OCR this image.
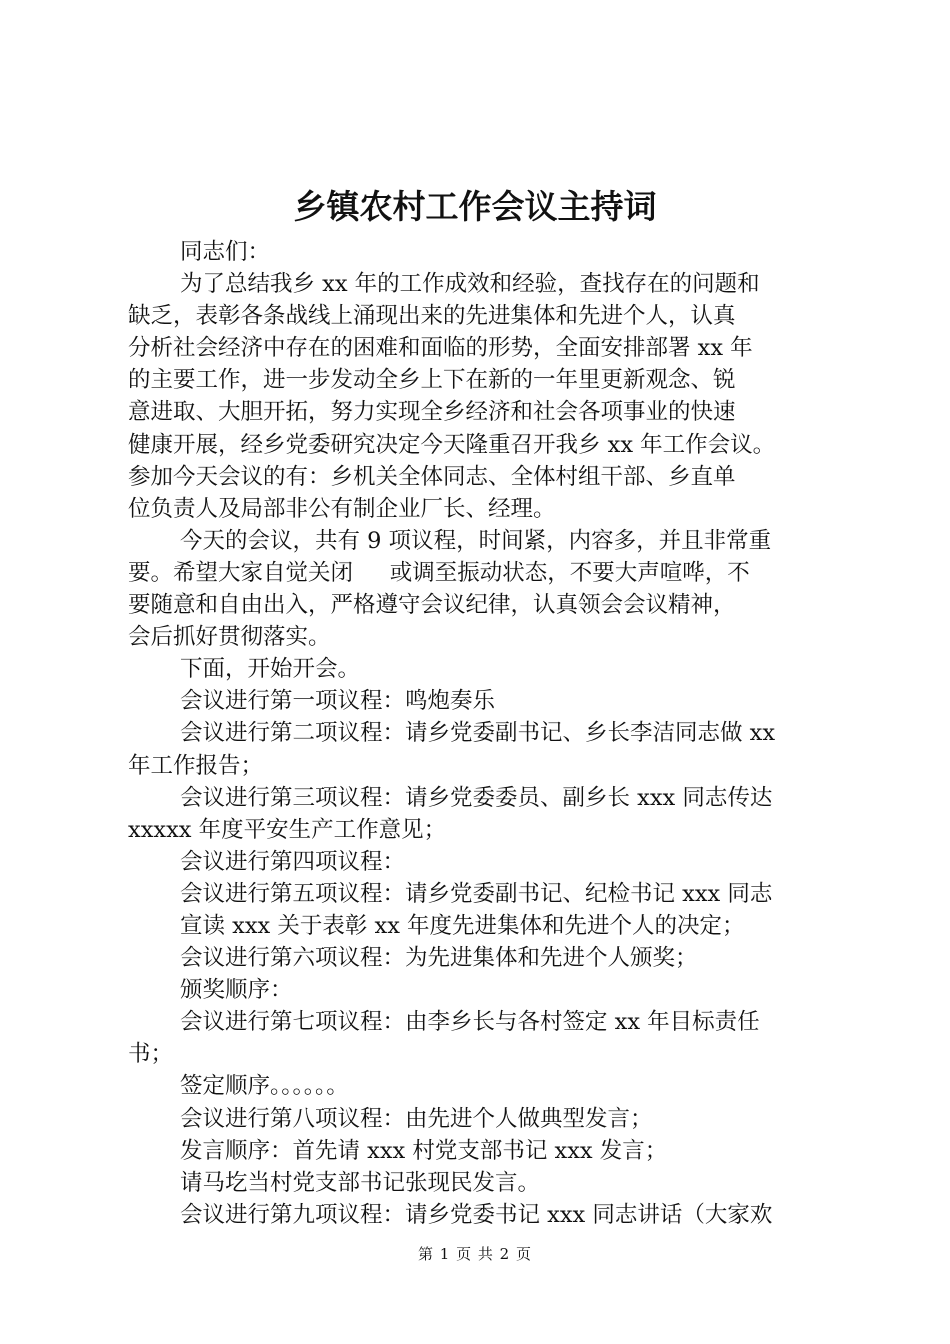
乡镇农村工作会议主持词
同志们：
为了总结我乡 xx 年的工作成效和经验，查找存在的问题和
缺乏，表彰各条战线上涌现出来的先进集体和先进个人，认真
分析社会经济中存在的困难和面临的形势，全面安排部署 xx 年
的主要工作，进一步发动全乡上下在新的一年里更新观念、锐
意进取、大胆开拓，努力实现全乡经济和社会各项事业的快速
健康开展，经乡党委研究决定今天隆重召开我乡 xx 年工作会议。
参加今天会议的有：乡机关全体同志、全体村组干部、乡直单
位负责人及局部非公有制企业厂长、经理。
今天的会议，共有 9 项议程，时间紧，内容多，并且非常重
要。希望大家自觉关闭 　 或调至振动状态，不要大声喧哗，不
要随意和自由出入，严格遵守会议纪律，认真领会会议精神，
会后抓好贯彻落实。
下面，开始开会。
会议进行第一项议程：鸣炮奏乐
会议进行第二项议程：请乡党委副书记、乡长李洁同志做 xx
年工作报告；
会议进行第三项议程：请乡党委委员、副乡长 xxx 同志传达
xxxxx 年度平安生产工作意见；
会议进行第四项议程：
会议进行第五项议程：请乡党委副书记、纪检书记 xxx 同志
宣读 xxx 关于表彰 xx 年度先进集体和先进个人的决定；
会议进行第六项议程：为先进集体和先进个人颁奖；
颁奖顺序：
会议进行第七项议程：由李乡长与各村签定 xx 年目标责任
书；
签定顺序。。。。。。
会议进行第八项议程：由先进个人做典型发言；
发言顺序：首先请 xxx 村党支部书记 xxx 发言；
请马圪当村党支部书记张现民发言。
会议进行第九项议程：请乡党委书记 xxx 同志讲话（大家欢
第 1 页 共 2 页
